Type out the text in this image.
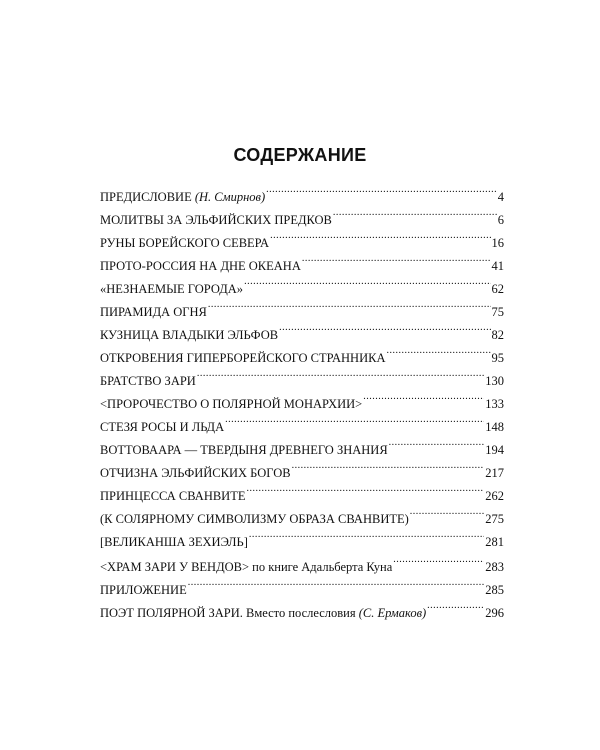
СОДЕРЖАНИЕ
ПРЕДИСЛОВИЕ (Н. Смирнов) .....	4
МОЛИТВЫ ЗА ЭЛЬФИЙСКИХ ПРЕДКОВ .....	6
РУНЫ БОРЕЙСКОГО СЕВЕРА .....	16
ПРОТО-РОССИЯ НА ДНЕ ОКЕАНА .....	41
«НЕЗНАЕМЫЕ ГОРОДА» .....	62
ПИРАМИДА ОГНЯ .....	75
КУЗНИЦА ВЛАДЫКИ ЭЛЬФОВ .....	82
ОТКРОВЕНИЯ ГИПЕРБОРЕЙСКОГО СТРАННИКА .....	95
БРАТСТВО ЗАРИ .....	130
<ПРОРОЧЕСТВО О ПОЛЯРНОЙ МОНАРХИИ> .....	133
СТЕЗЯ РОСЫ И ЛЬДА .....	148
ВОТТОВААРА — ТВЕРДЫНЯ ДРЕВНЕГО ЗНАНИЯ .....	194
ОТЧИЗНА ЭЛЬФИЙСКИХ БОГОВ .....	217
ПРИНЦЕССА СВАНВИТЕ .....	262
(К СОЛЯРНОМУ СИМВОЛИЗМУ ОБРАЗА СВАНВИТЕ) .....	275
[ВЕЛИКАНША ЗЕХИЭЛЬ] .....	281
<ХРАМ ЗАРИ У ВЕНДОВ> по книге Адальберта Куна .....	283
ПРИЛОЖЕНИЕ .....	285
ПОЭТ ПОЛЯРНОЙ ЗАРИ. Вместо послесловия (С. Ермаков) .....	296
